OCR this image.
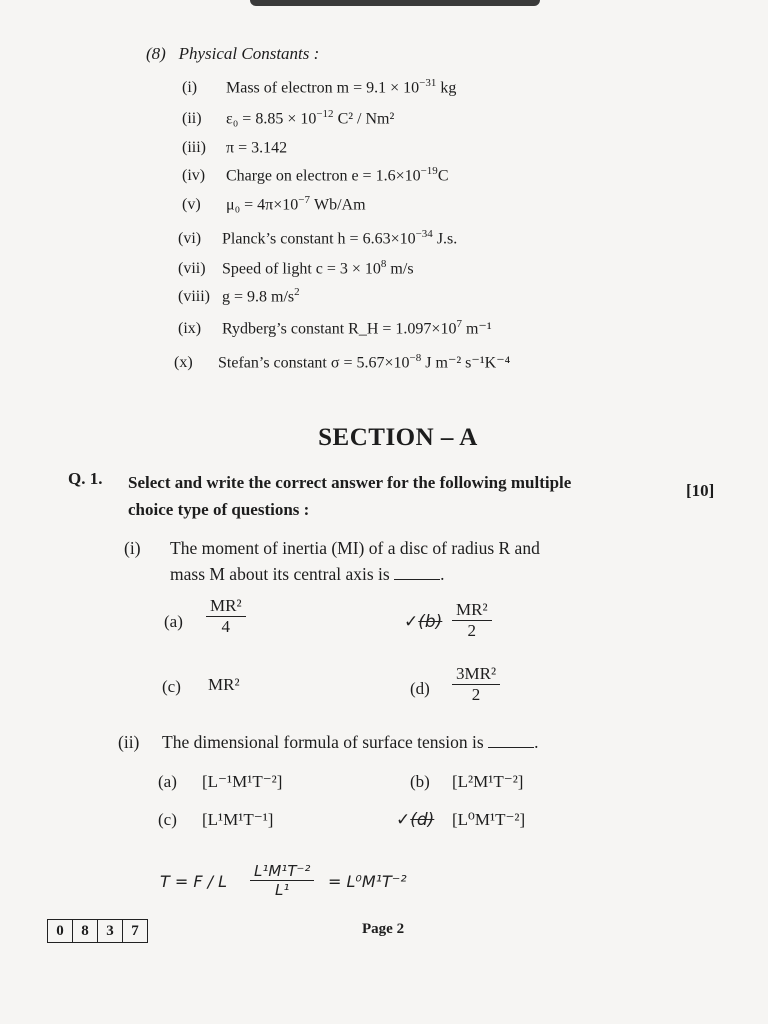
(8) Physical Constants :
(i) Mass of electron $m = 9.1 \times 10^{-31}$ kg
(ii) $\varepsilon_0 = 8.85 \times 10^{-12}$ C² / Nm²
(iii) π = 3.142
(iv) Charge on electron $e = 1.6\times 10^{-19}C$
(v) $\mu_0 = 4\pi\times 10^{-7}$ Wb/Am
(vi) Planck’s constant $h = 6.63\times 10^{-34}$ J.s.
(vii) Speed of light $c = 3 \times 10^8$ m/s
(viii) g = 9.8 $m/s^2$
(ix) Rydberg’s constant R_H = $1.097\times 10^7$ m⁻¹
(x) Stefan’s constant $\sigma = 5.67\times 10^{-8}$ J m⁻² s⁻¹K⁻⁴
SECTION – A
Q. 1. Select and write the correct answer for the following multiple choice type of questions :
[10]
(i) The moment of inertia (MI) of a disc of radius R and
mass M about its central axis is	.
$(a) \frac{\text{MR²}}{4}$	✓(b) $\frac{\text{MR²}}{2}$
(c) MR²	$(d) \frac{\text{3MR²}}{2}$
(ii) The dimensional formula of surface tension is	.
(a) [L⁻¹M¹T⁻²]	(b) [L²M¹T⁻²]
(c) [L¹M¹T⁻¹]	✓(d) [L⁰M¹T⁻²]
T = F / L $\frac{\text{L¹M¹T⁻²}}{\text{L¹}} = L^0M^1T^{-2}$
0	8	3	7	Page 2
